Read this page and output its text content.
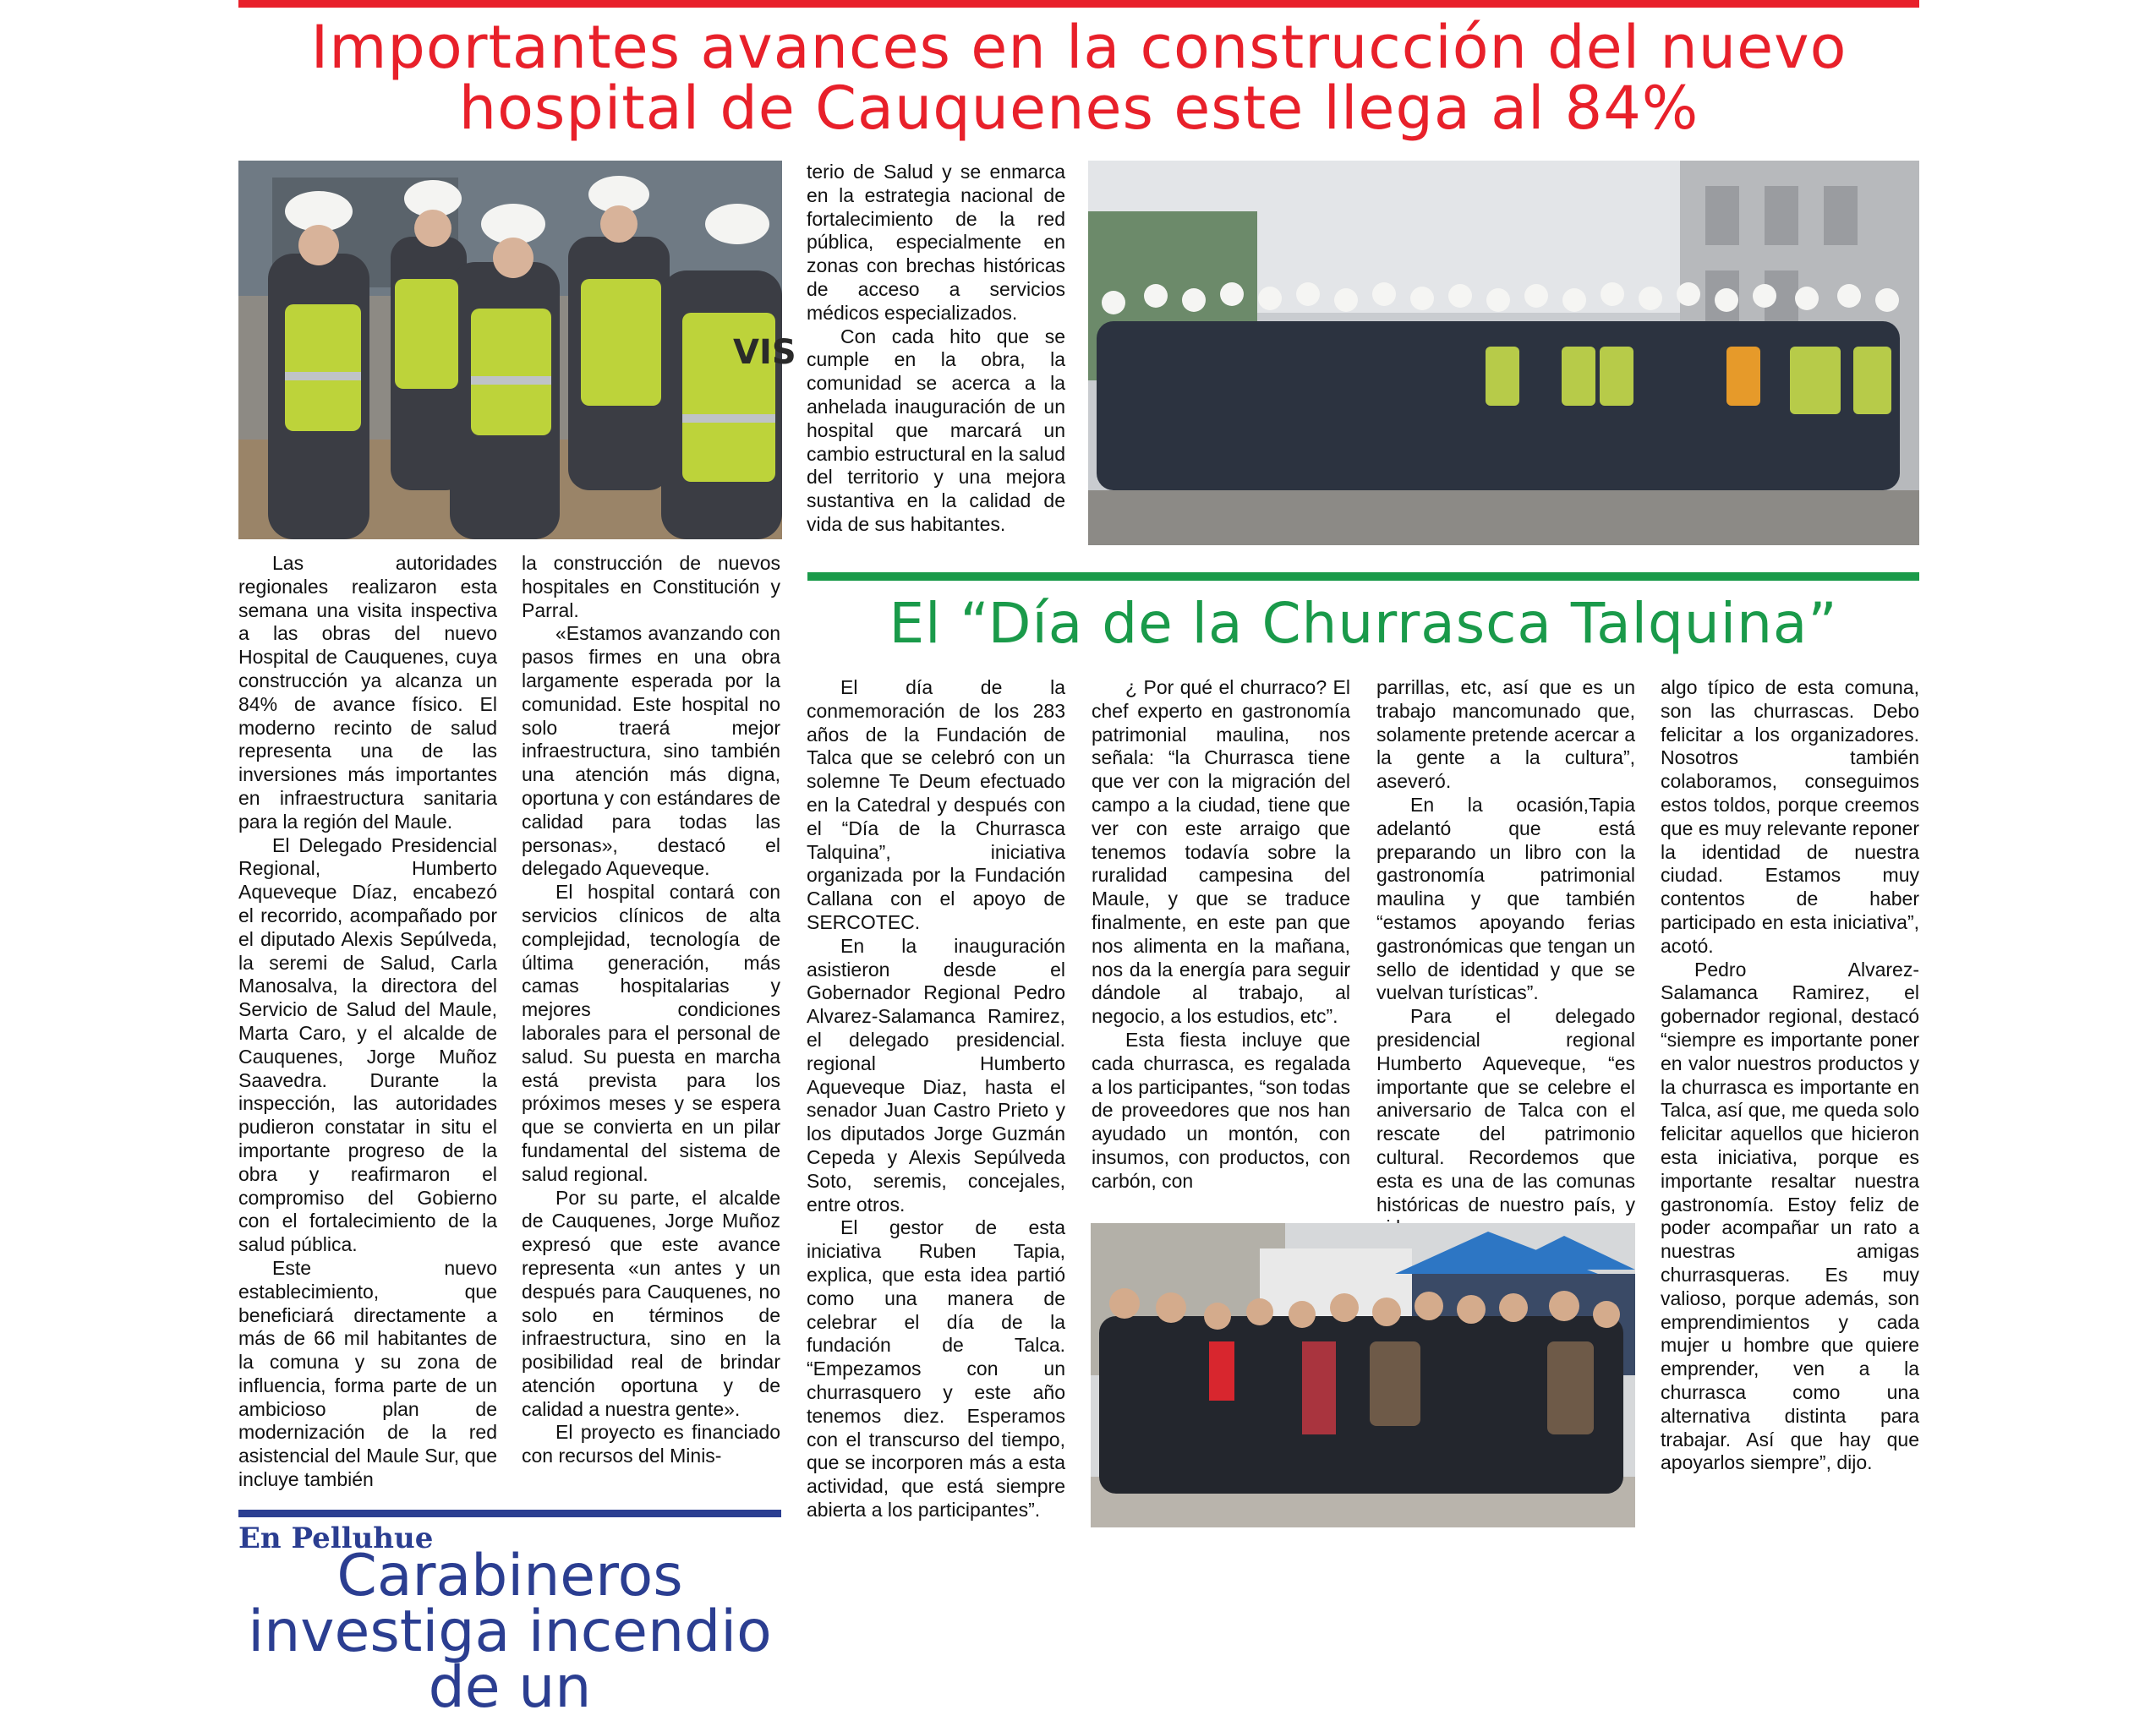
Importantes avances en la construcción del nuevo hospital de Cauquenes este llega al 84%
VIS

Las autoridades regionales realizaron esta semana una visita inspectiva a las obras del nuevo Hospital de Cauquenes, cuya construcción ya alcanza un 84% de avance físico. El moderno recinto de salud representa una de las inversiones más importantes en infraestructura sanitaria para la región del Maule.

El Delegado Presidencial Regional, Humberto Aqueveque Díaz, encabezó el recorrido, acompañado por el diputado Alexis Sepúlveda, la seremi de Salud, Carla Manosalva, la directora del Servicio de Salud del Maule, Marta Caro, y el alcalde de Cauquenes, Jorge Muñoz Saavedra. Durante la inspección, las autoridades pudieron constatar in situ el importante progreso de la obra y reafirmaron el compromiso del Gobierno con el fortalecimiento de la salud pública.

Este nuevo establecimiento, que beneficiará directamente a más de 66 mil habitantes de la comuna y su zona de influencia, forma parte de un ambicioso plan de modernización de la red asistencial del Maule Sur, que incluye también

la construcción de nuevos hospitales en Constitución y Parral.

«Estamos avanzando con pasos firmes en una obra largamente esperada por la comunidad. Este hospital no solo traerá mejor infraestructura, sino también una atención más digna, oportuna y con estándares de calidad para todas las personas», destacó el delegado Aqueveque.

El hospital contará con servicios clínicos de alta complejidad, tecnología de última generación, más camas hospitalarias y mejores condiciones laborales para el personal de salud. Su puesta en marcha está prevista para los próximos meses y se espera que se convierta en un pilar fundamental del sistema de salud regional.

Por su parte, el alcalde de Cauquenes, Jorge Muñoz expresó que este avance representa «un antes y un después para Cauquenes, no solo en términos de infraestructura, sino en la posibilidad real de brindar atención oportuna y de calidad a nuestra gente».

El proyecto es financiado con recursos del Minis-

terio de Salud y se enmarca en la estrategia nacional de fortalecimiento de la red pública, especialmente en zonas con brechas históricas de acceso a servicios médicos especializados.

Con cada hito que se cumple en la obra, la comunidad se acerca a la anhelada inauguración de un hospital que marcará un cambio estructural en la salud del territorio y una mejora sustantiva en la calidad de vida de sus habitantes.

El “Día de la Churrasca Talquina”

El día de la conmemoración de los 283 años de la Fundación de Talca que se celebró con un solemne Te Deum efectuado en la Catedral y después con el “Día de la Churrasca Talquina”, iniciativa organizada por la Fundación Callana con el apoyo de SERCOTEC.

En la inauguración asistieron desde el Gobernador Regional Pedro Alvarez-Salamanca Ramirez, el delegado presidencial. regional Humberto Aqueveque Diaz, hasta el senador Juan Castro Prieto y los diputados Jorge Guzmán Cepeda y Alexis Sepúlveda Soto, seremis, concejales, entre otros.

El gestor de esta iniciativa Ruben Tapia, explica, que esta idea partió como una manera de celebrar el día de la fundación de Talca. “Empezamos con un churrasquero y este año tenemos diez. Esperamos con el transcurso del tiempo, que se incorporen más a esta actividad, que está siempre abierta a los participantes”.

¿ Por qué el churraco? El chef experto en gastronomía patrimonial maulina, nos señala: “la Churrasca tiene que ver con la migración del campo a la ciudad, tiene que ver con este arraigo que tenemos todavía sobre la ruralidad campesina del Maule, y que se traduce finalmente, en este pan que nos alimenta en la mañana, nos da la energía para seguir dándole al trabajo, al negocio, a los estudios, etc”.

Esta fiesta incluye que cada churrasca, es regalada a los participantes, “son todas de proveedores que nos han ayudado un montón, con insumos, con productos, con carbón, con

parrillas, etc, así que es un trabajo mancomunado que, solamente pretende acercar a la gente a la cultura”, aseveró.

En la ocasión,Tapia adelantó que está preparando un libro con la gastronomía patrimonial maulina y que también “estamos apoyando ferias gastronómicas que tengan un sello de identidad y que se vuelvan turísticas”.

Para el delegado presidencial regional Humberto Aqueveque, “es importante que se celebre el aniversario de Talca con el rescate del patrimonio cultural. Recordemos que esta es una de las comunas históricas de nuestro país, y

algo típico de esta comuna, son las churrascas. Debo felicitar a los organizadores. Nosotros también colaboramos, conseguimos estos toldos, porque creemos que es muy relevante reponer la identidad de nuestra ciudad. Estamos muy contentos de haber participado en esta iniciativa”, acotó.

Pedro Alvarez- Salamanca Ramirez, el gobernador regional, destacó “siempre es importante poner en valor nuestros productos y la churrasca es importante en Talca, así que, me queda solo felicitar aquellos que hicieron esta iniciativa, porque es importante resaltar nuestra gastronomía. Estoy feliz de poder acompañar un rato a nuestras amigas churrasqueras. Es muy valioso, porque además, son emprendimientos y cada mujer u hombre que quiere emprender, ven a la churrasca como una alternativa distinta para trabajar. Así que hay que apoyarlos siempre”, dijo.

En Pelluhue
Carabineros investiga incendio de un
